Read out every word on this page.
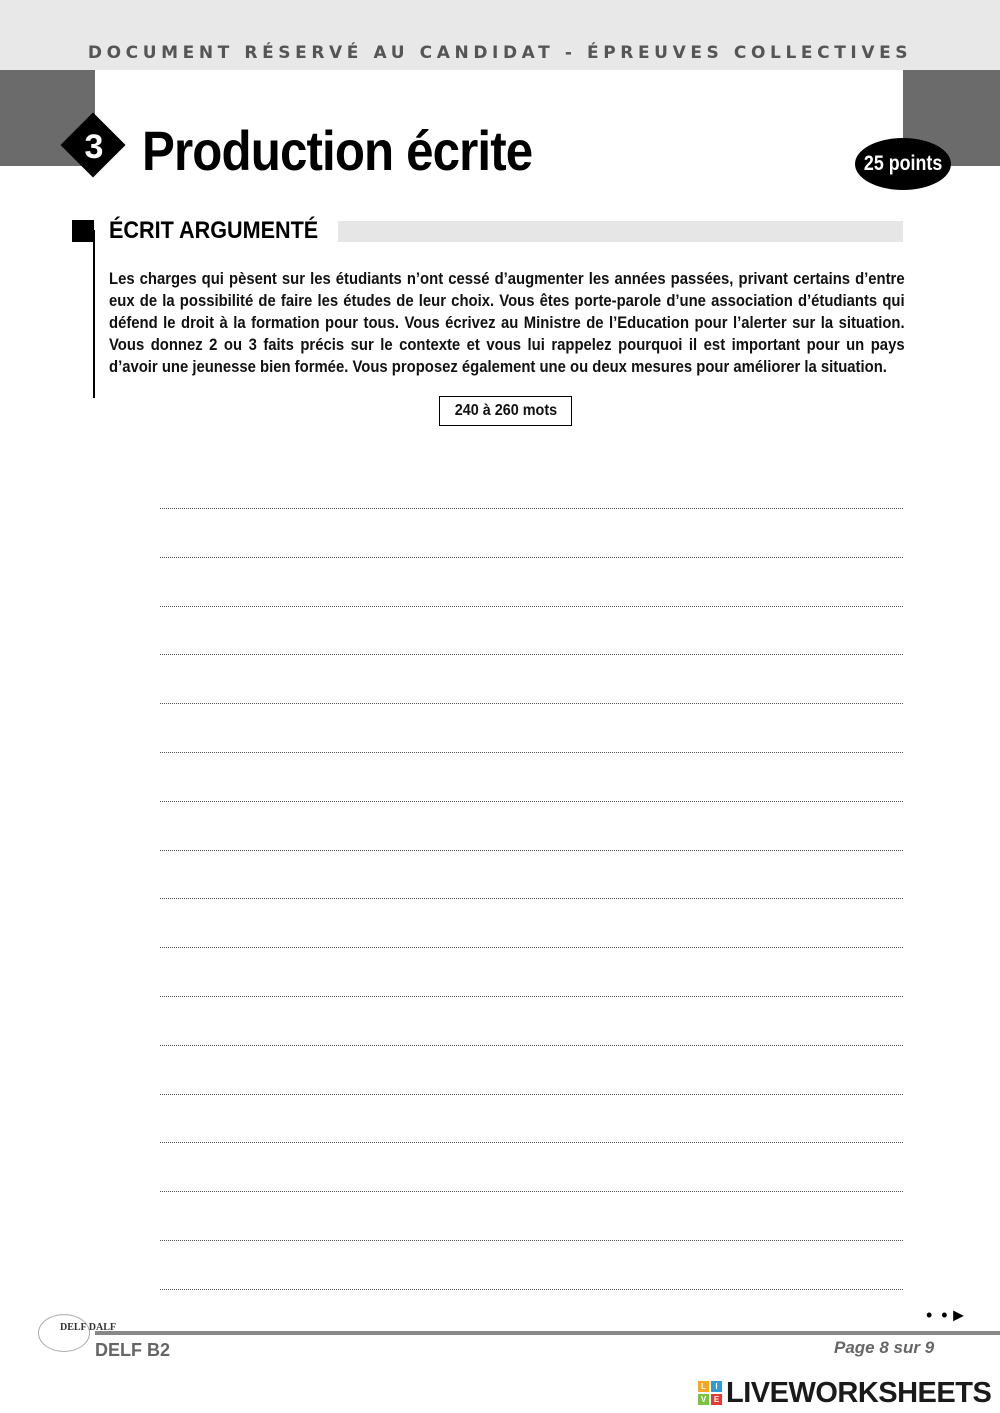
DOCUMENT RÉSERVÉ AU CANDIDAT - ÉPREUVES COLLECTIVES
3 Production écrite	25 points
ÉCRIT ARGUMENTÉ

Les charges qui pèsent sur les étudiants n’ont cessé d’augmenter les années passées, privant certains d’entre eux de la possibilité de faire les études de leur choix. Vous êtes porte-parole d’une association d’étudiants qui défend le droit à la formation pour tous. Vous écrivez au Ministre de l’Education pour l’alerter sur la situation. Vous donnez 2 ou 3 faits précis sur le contexte et vous lui rappelez pourquoi il est important pour un pays d’avoir une jeunesse bien formée. Vous proposez également une ou deux mesures pour améliorer la situation.

240 à 260 mots
• •►
DELF DALF
DELF B2	Page 8 sur 9
L	I
V E LIVEWORKSHEETS
